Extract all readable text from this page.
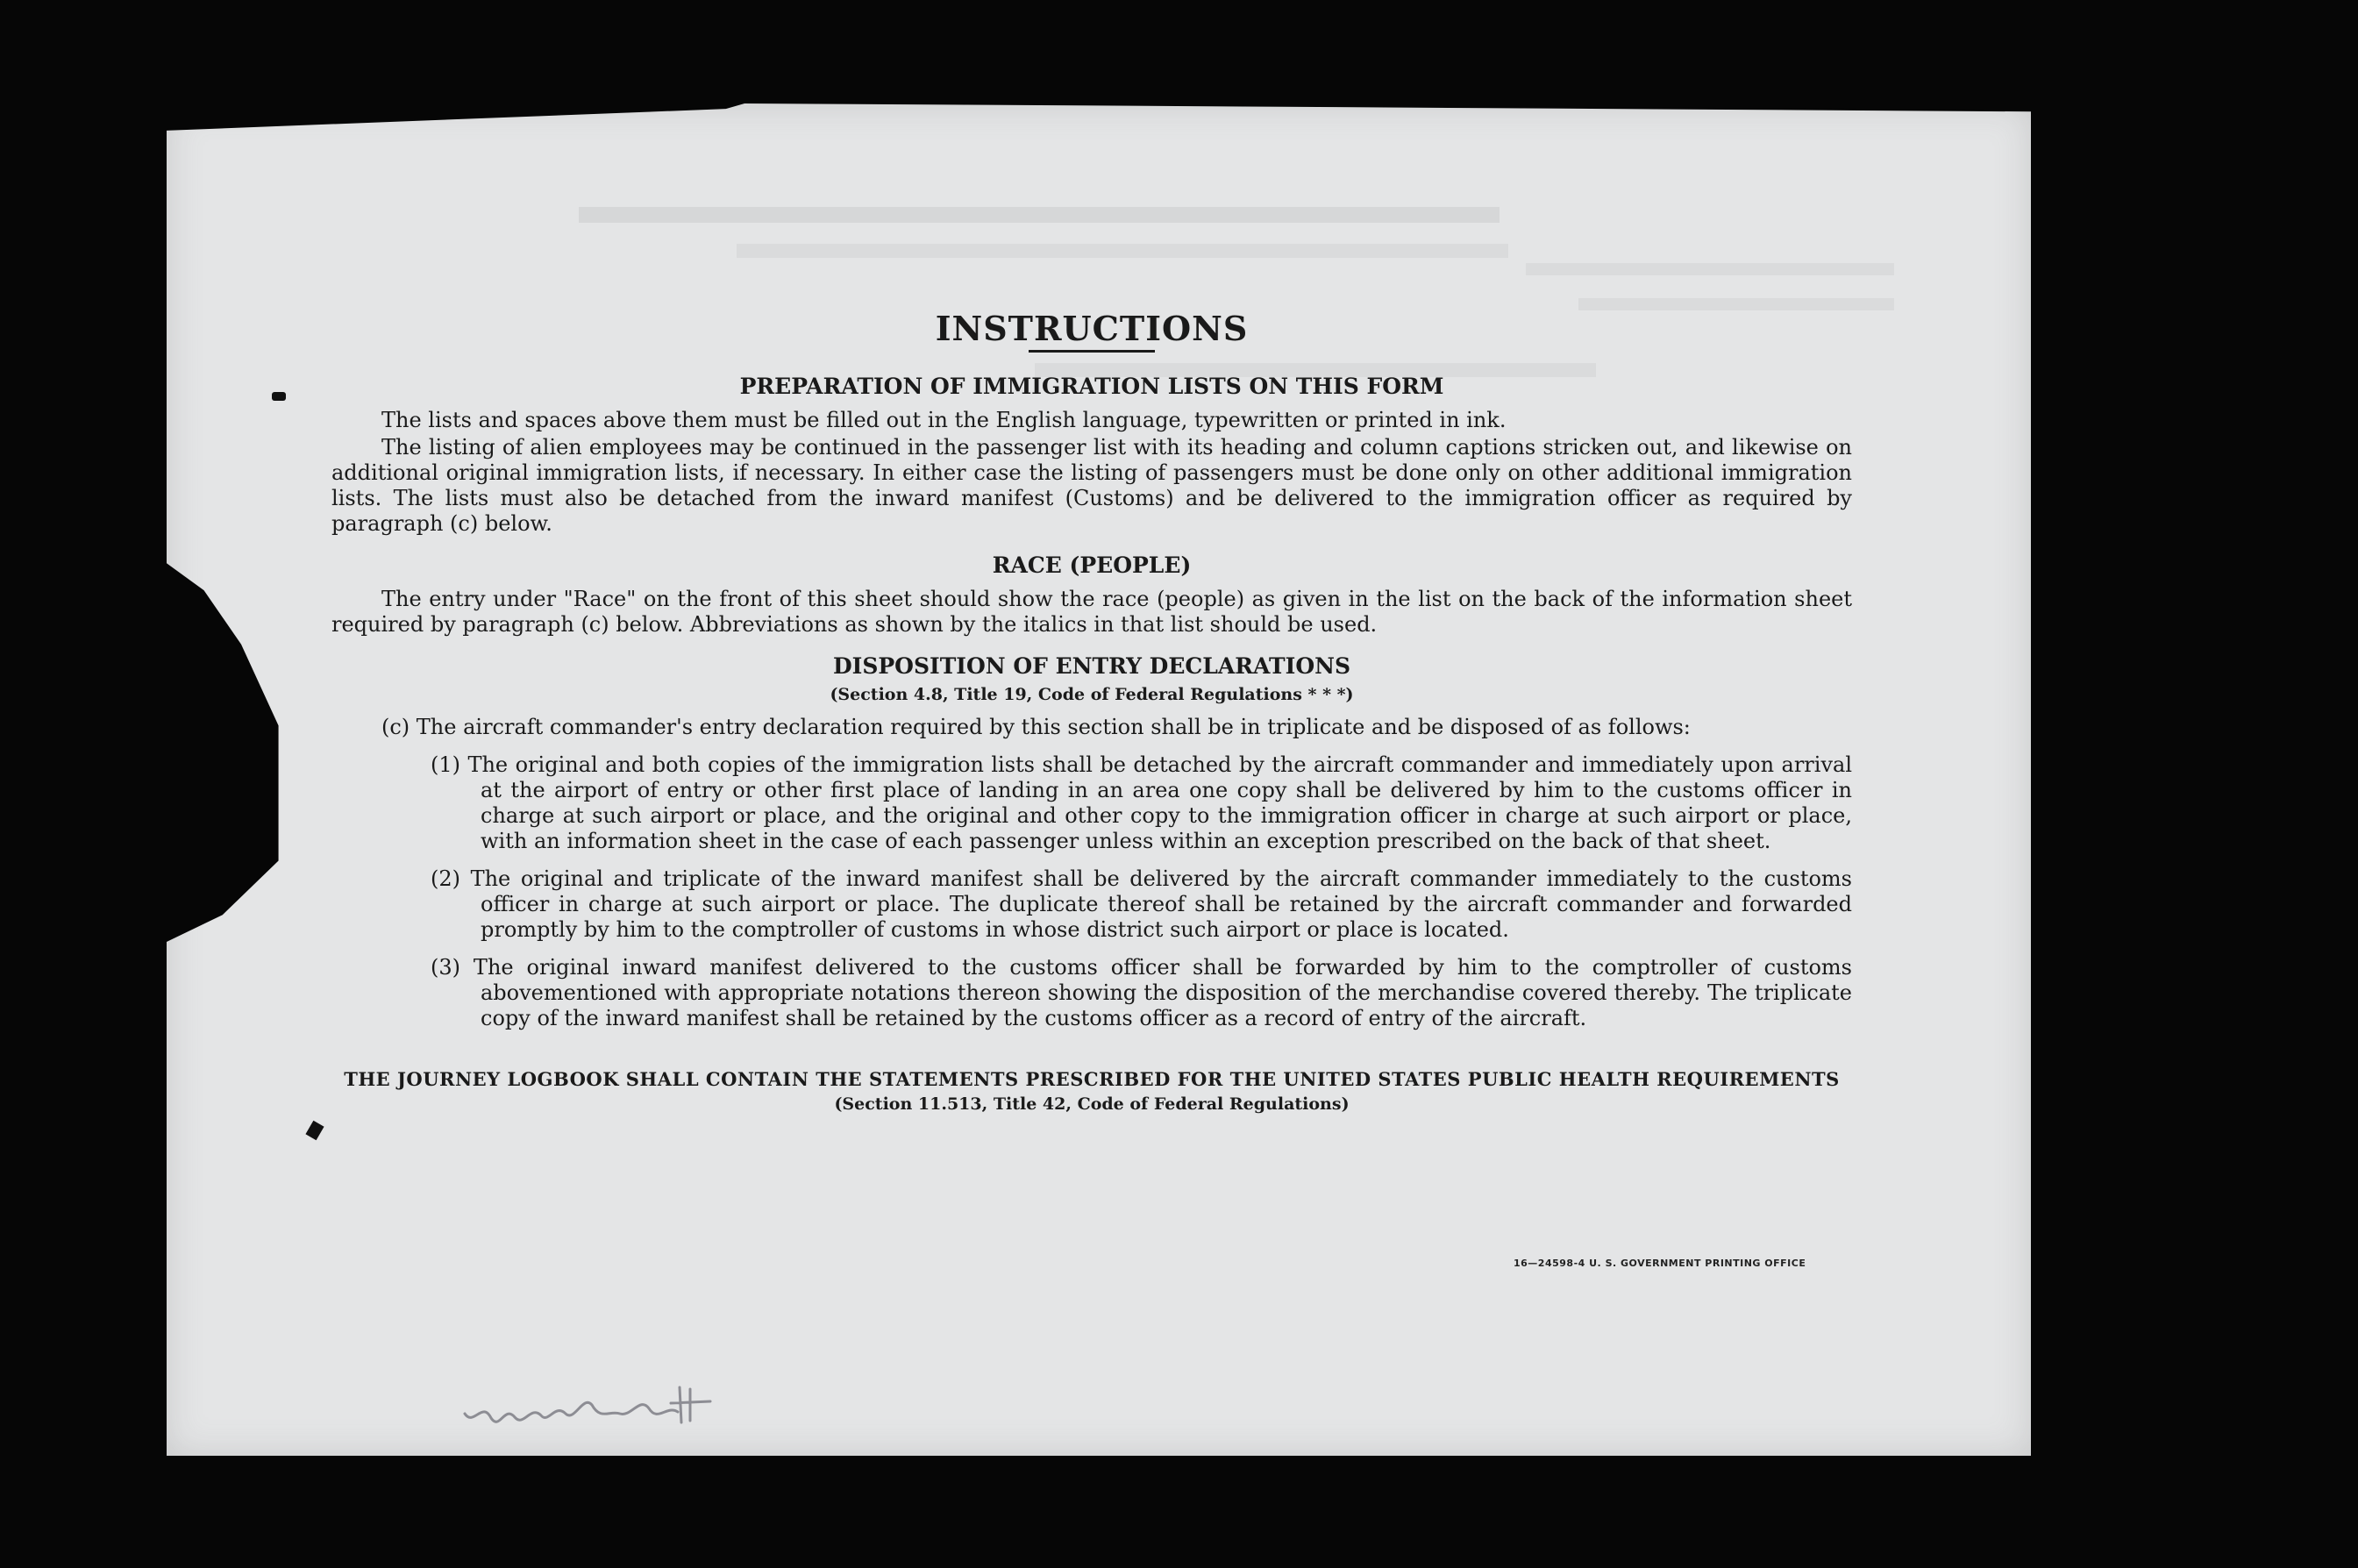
INSTRUCTIONS
PREPARATION OF IMMIGRATION LISTS ON THIS FORM

The lists and spaces above them must be filled out in the English language, typewritten or printed in ink.

The listing of alien employees may be continued in the passenger list with its heading and column captions stricken out, and likewise on additional original immigration lists, if necessary. In either case the listing of passengers must be done only on other additional immigration lists. The lists must also be detached from the inward manifest (Customs) and be delivered to the immigration officer as required by paragraph (c) below.

RACE (PEOPLE)

The entry under "Race" on the front of this sheet should show the race (people) as given in the list on the back of the information sheet required by paragraph (c) below. Abbreviations as shown by the italics in that list should be used.

DISPOSITION OF ENTRY DECLARATIONS
(Section 4.8, Title 19, Code of Federal Regulations * * *)

(c) The aircraft commander's entry declaration required by this section shall be in triplicate and be disposed of as follows:

(1) The original and both copies of the immigration lists shall be detached by the aircraft commander and immediately upon arrival at the airport of entry or other first place of landing in an area one copy shall be delivered by him to the customs officer in charge at such airport or place, and the original and other copy to the immigration officer in charge at such airport or place, with an information sheet in the case of each passenger unless within an exception prescribed on the back of that sheet.

(2) The original and triplicate of the inward manifest shall be delivered by the aircraft commander immediately to the customs officer in charge at such airport or place. The duplicate thereof shall be retained by the aircraft commander and forwarded promptly by him to the comptroller of customs in whose district such airport or place is located.

(3) The original inward manifest delivered to the customs officer shall be forwarded by him to the comptroller of customs abovementioned with appropriate notations thereon showing the disposition of the merchandise covered thereby. The triplicate copy of the inward manifest shall be retained by the customs officer as a record of entry of the aircraft.

THE JOURNEY LOGBOOK SHALL CONTAIN THE STATEMENTS PRESCRIBED FOR THE UNITED STATES PUBLIC HEALTH REQUIREMENTS
(Section 11.513, Title 42, Code of Federal Regulations)
16—24598-4 U. S. GOVERNMENT PRINTING OFFICE
